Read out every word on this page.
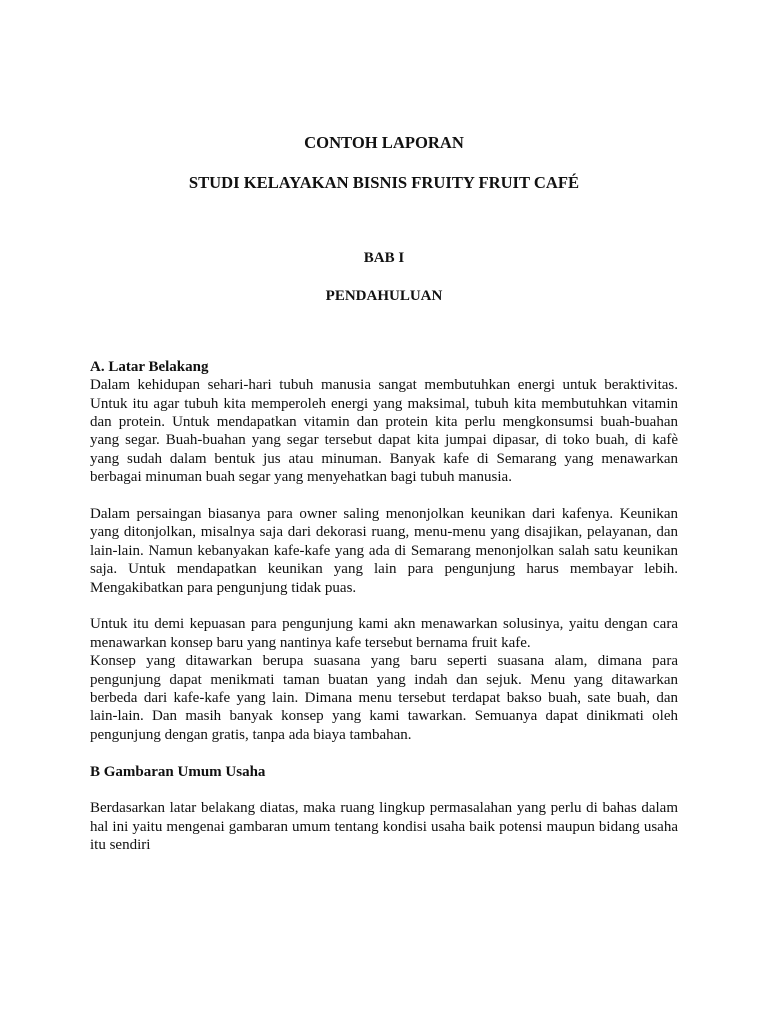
CONTOH LAPORAN
STUDI KELAYAKAN BISNIS FRUITY FRUIT CAFÉ
BAB I
PENDAHULUAN
A. Latar Belakang
Dalam kehidupan sehari-hari tubuh manusia sangat membutuhkan energi untuk beraktivitas.
Untuk itu agar tubuh kita memperoleh energi yang maksimal, tubuh kita membutuhkan vitamin
dan protein. Untuk mendapatkan vitamin dan protein kita perlu mengkonsumsi buah-buahan
yang segar. Buah-buahan yang segar tersebut dapat kita jumpai dipasar, di toko buah, di kafè
yang sudah dalam bentuk jus atau minuman. Banyak kafe di Semarang yang menawarkan
berbagai minuman buah segar yang menyehatkan bagi tubuh manusia.
Dalam persaingan biasanya para owner saling menonjolkan keunikan dari kafenya. Keunikan
yang ditonjolkan, misalnya saja dari dekorasi ruang, menu-menu yang disajikan, pelayanan, dan
lain-lain. Namun kebanyakan kafe-kafe yang ada di Semarang menonjolkan salah satu keunikan
saja. Untuk mendapatkan keunikan yang lain para pengunjung harus membayar lebih.
Mengakibatkan para pengunjung tidak puas.
Untuk itu demi kepuasan para pengunjung kami akn menawarkan solusinya, yaitu dengan cara
menawarkan konsep baru yang nantinya kafe tersebut bernama fruit kafe.
Konsep yang ditawarkan berupa suasana yang baru seperti suasana alam, dimana para
pengunjung dapat menikmati taman buatan yang indah dan sejuk. Menu yang ditawarkan
berbeda dari kafe-kafe yang lain. Dimana menu tersebut terdapat bakso buah, sate buah, dan
lain-lain. Dan masih banyak konsep yang kami tawarkan. Semuanya dapat dinikmati oleh
pengunjung dengan gratis, tanpa ada biaya tambahan.
B Gambaran Umum Usaha
Berdasarkan latar belakang diatas, maka ruang lingkup permasalahan yang perlu di bahas dalam
hal ini yaitu mengenai gambaran umum tentang kondisi usaha baik potensi maupun bidang usaha
itu sendiri
